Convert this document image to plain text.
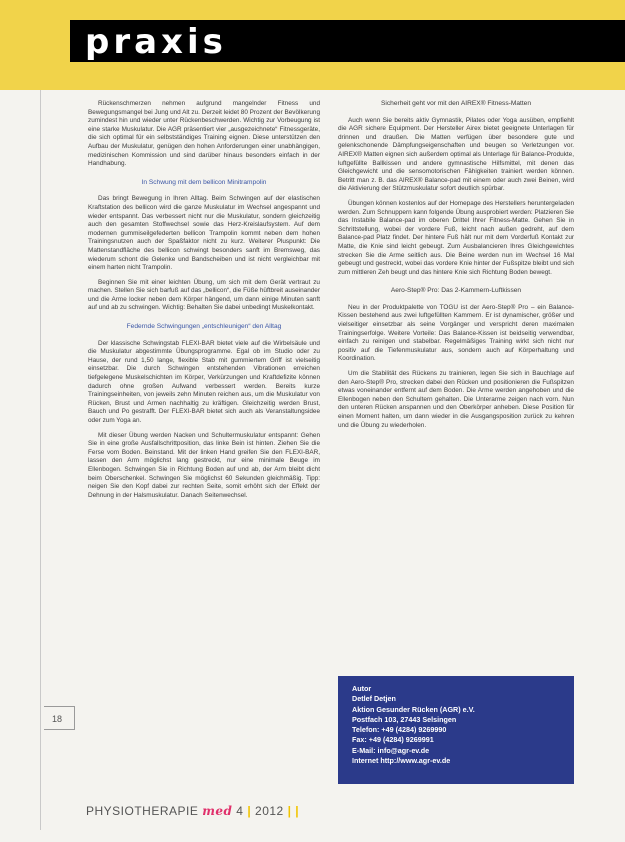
praxis

Rückenschmerzen nehmen aufgrund mangelnder Fitness und Bewegungsmangel bei Jung und Alt zu. Derzeit leidet 80 Prozent der Bevölkerung zumindest hin und wieder unter Rückenbeschwerden. Wichtig zur Vorbeugung ist eine starke Muskulatur. Die AGR präsentiert vier „ausgezeichnete“ Fitnessgeräte, die sich optimal für ein selbstständiges Training eignen. Diese unterstützen den Aufbau der Muskulatur, genügen den hohen Anforderungen einer unabhängigen, medizinischen Kommission und sind darüber hinaus besonders einfach in der Handhabung.

In Schwung mit dem bellicon Minitrampolin

Das bringt Bewegung in Ihren Alltag. Beim Schwingen auf der elastischen Kraftstation des bellicon wird die ganze Muskulatur im Wechsel angespannt und wieder entspannt. Das verbessert nicht nur die Muskulatur, sondern gleichzeitig auch den gesamten Stoffwechsel sowie das Herz-Kreislaufsystem. Auf dem modernen gummiseilgefederten bellicon Trampolin kommt neben dem hohen Trainingsnutzen auch der Spaßfaktor nicht zu kurz. Weiterer Pluspunkt: Die Mattenstandfläche des bellicon schwingt besonders sanft im Bremsweg, das wiederum schont die Gelenke und Bandscheiben und ist nicht vergleichbar mit einem harten nicht Trampolin.

Beginnen Sie mit einer leichten Übung, um sich mit dem Gerät vertraut zu machen. Stellen Sie sich barfuß auf das „bellicon“, die Füße hüftbreit auseinander und die Arme locker neben dem Körper hängend, um dann einige Minuten sanft auf und ab zu schwingen. Wichtig: Behalten Sie dabei unbedingt Muskelkontakt.

Federnde Schwingungen „entschleunigen“ den Alltag

Der klassische Schwingstab FLEXI-BAR bietet viele auf die Wirbelsäule und die Muskulatur abgestimmte Übungsprogramme. Egal ob im Studio oder zu Hause, der rund 1,50 lange, flexible Stab mit gummiertem Griff ist vielseitig einsetzbar. Die durch Schwingen entstehenden Vibrationen erreichen tiefgelegene Muskelschichten im Körper, Verkürzungen und Kraftdefizite können dadurch ohne großen Aufwand verbessert werden. Bereits kurze Trainingseinheiten, von jeweils zehn Minuten reichen aus, um die Muskulatur von Rücken, Brust und Armen nachhaltig zu kräftigen. Gleichzeitig werden Brust, Bauch und Po gestrafft. Der FLEXI-BAR bietet sich auch als Veranstaltungsidee oder zum Yoga an.

Mit dieser Übung werden Nacken und Schultermuskulatur entspannt: Gehen Sie in eine große Ausfallschrittposition, das linke Bein ist hinten. Ziehen Sie die Ferse vom Boden. Beinstand. Mit der linken Hand greifen Sie den FLEXI-BAR, lassen den Arm möglichst lang gestreckt, nur eine minimale Beuge im Ellenbogen. Schwingen Sie in Richtung Boden auf und ab, der Arm bleibt dicht beim Oberschenkel. Schwingen Sie möglichst 60 Sekunden gleichmäßig. Tipp: neigen Sie den Kopf dabei zur rechten Seite, somit erhöht sich der Effekt der Dehnung in der Halsmuskulatur. Danach Seitenwechsel.

Sicherheit geht vor mit den AIREX® Fitness-Matten

Auch wenn Sie bereits aktiv Gymnastik, Pilates oder Yoga ausüben, empfiehlt die AGR sichere Equipment. Der Hersteller Airex bietet geeignete Unterlagen für drinnen und draußen. Die Matten verfügen über besondere gute und gelenkschonende Dämpfungseigenschaften und beugen so Verletzungen vor. AIREX® Matten eignen sich außerdem optimal als Unterlage für Balance-Produkte, luftgefüllte Ballkissen und andere gymnastische Hilfsmittel, mit denen das Gleichgewicht und die sensomotorischen Fähigkeiten trainiert werden können. Betritt man z. B. das AIREX® Balance-pad mit einem oder auch zwei Beinen, wird die Aktivierung der Stützmuskulatur sofort deutlich spürbar.

Übungen können kostenlos auf der Homepage des Herstellers heruntergeladen werden. Zum Schnuppern kann folgende Übung ausprobiert werden: Platzieren Sie das Instabile Balance-pad im oberen Drittel Ihrer Fitness-Matte. Gehen Sie in Schrittstellung, wobei der vordere Fuß, leicht nach außen gedreht, auf dem Balance-pad Platz findet. Der hintere Fuß hält nur mit dem Vorderfuß Kontakt zur Matte, die Knie sind leicht gebeugt. Zum Ausbalancieren Ihres Gleichgewichtes strecken Sie die Arme seitlich aus. Die Beine werden nun im Wechsel 16 Mal gebeugt und gestreckt, wobei das vordere Knie hinter der Fußspitze bleibt und sich zum mittleren Zeh beugt und das hintere Knie sich Richtung Boden bewegt.

Aero-Step® Pro: Das 2-Kammern-Luftkissen

Neu in der Produktpalette von TOGU ist der Aero-Step® Pro – ein Balance-Kissen bestehend aus zwei luftgefüllten Kammern. Er ist dynamischer, größer und vielseitiger einsetzbar als seine Vorgänger und verspricht deren maximalen Trainingserfolge. Weitere Vorteile: Das Balance-Kissen ist beidseitig verwendbar, einfach zu reinigen und stabelbar. Regelmäßiges Training wirkt sich nicht nur positiv auf die Tiefenmuskulatur aus, sondern auch auf Körperhaltung und Koordination.

Um die Stabilität des Rückens zu trainieren, legen Sie sich in Bauchlage auf den Aero-Step® Pro, strecken dabei den Rücken und positionieren die Fußspitzen etwas voneinander entfernt auf dem Boden. Die Arme werden angehoben und die Ellenbogen neben den Schultern gehalten. Die Unterarme zeigen nach vorn. Nun den unteren Rücken anspannen und den Oberkörper anheben. Diese Position für einen Moment halten, um dann wieder in die Ausgangsposition zurück zu kehren und die Übung zu wiederholen.

18
Autor
Detlef Detjen
Aktion Gesunder Rücken (AGR) e.V.
Postfach 103, 27443 Selsingen
Telefon: +49 (4284) 9269990
Fax: +49 (4284) 9269991
E-Mail: info@agr-ev.de
Internet http://www.agr-ev.de
PHYSIOTHERAPIE med 4 | 2012 | |
